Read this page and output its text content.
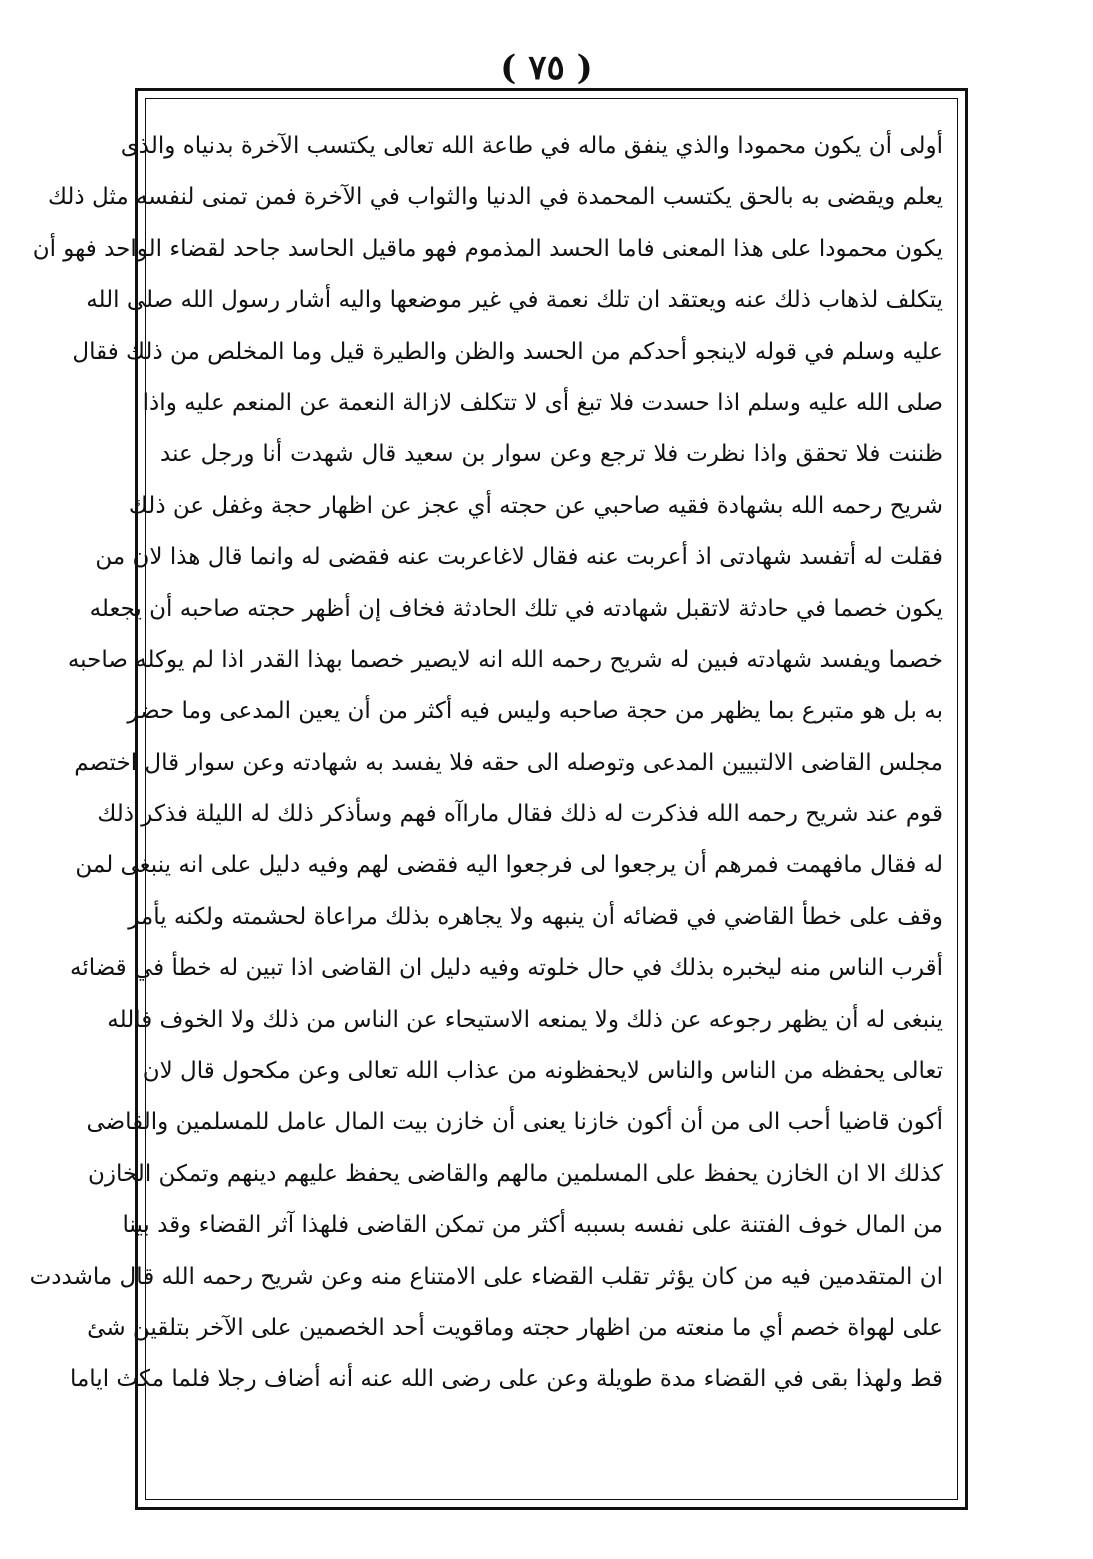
( ٧٥ )
أولى أن يكون محمودا والذي ينفق ماله في طاعة الله تعالى يكتسب الآخرة بدنياه والذى
يعلم ويقضى به بالحق يكتسب المحمدة في الدنيا والثواب في الآخرة فمن تمنى لنفسه مثل ذلك
يكون محمودا على هذا المعنى فاما الحسد المذموم فهو ماقيل الحاسد جاحد لقضاء الواحد فهو أن
يتكلف لذهاب ذلك عنه ويعتقد ان تلك نعمة في غير موضعها واليه أشار رسول الله صلى الله
عليه وسلم في قوله لاينجو أحدكم من الحسد والظن والطيرة قيل وما المخلص من ذلك فقال
صلى الله عليه وسلم اذا حسدت فلا تبغ أى لا تتكلف لازالة النعمة عن المنعم عليه واذا
ظننت فلا تحقق واذا نظرت فلا ترجع وعن سوار بن سعيد قال شهدت أنا ورجل عند
شريح رحمه الله بشهادة فقيه صاحبي عن حجته أي عجز عن اظهار حجة وغفل عن ذلك
فقلت له أتفسد شهادتى اذ أعربت عنه فقال لاغاعربت عنه فقضى له وانما قال هذا لان من
يكون خصما في حادثة لاتقبل شهادته في تلك الحادثة فخاف إن أظهر حجته صاحبه أن يجعله
خصما ويفسد شهادته فبين له شريح رحمه الله انه لايصير خصما بهذا القدر اذا لم يوكله صاحبه
به بل هو متبرع بما يظهر من حجة صاحبه وليس فيه أكثر من أن يعين المدعى وما حضر
مجلس القاضى الالتبيين المدعى وتوصله الى حقه فلا يفسد به شهادته وعن سوار قال اختصم
قوم عند شريح رحمه الله فذكرت له ذلك فقال ماراآه فهم وسأذكر ذلك له الليلة فذكر ذلك
له فقال مافهمت فمرهم أن يرجعوا لى فرجعوا اليه فقضى لهم وفيه دليل على انه ينبغى لمن
وقف على خطأ القاضي في قضائه أن ينبهه ولا يجاهره بذلك مراعاة لحشمته ولكنه يأمر
أقرب الناس منه ليخبره بذلك في حال خلوته وفيه دليل ان القاضى اذا تبين له خطأ في قضائه
ينبغى له أن يظهر رجوعه عن ذلك ولا يمنعه الاستيحاء عن الناس من ذلك ولا الخوف فالله
تعالى يحفظه من الناس والناس لايحفظونه من عذاب الله تعالى وعن مكحول قال لان
أكون قاضيا أحب الى من أن أكون خازنا يعنى أن خازن بيت المال عامل للمسلمين والقاضى
كذلك الا ان الخازن يحفظ على المسلمين مالهم والقاضى يحفظ عليهم دينهم وتمكن الخازن
من المال خوف الفتنة على نفسه بسببه أكثر من تمكن القاضى فلهذا آثر القضاء وقد بينا
ان المتقدمين فيه من كان يؤثر تقلب القضاء على الامتناع منه وعن شريح رحمه الله قال ماشددت
على لهواة خصم أي ما منعته من اظهار حجته وماقويت أحد الخصمين على الآخر بتلقين شئ
قط ولهذا بقى في القضاء مدة طويلة وعن على رضى الله عنه أنه أضاف رجلا فلما مكث اياما
